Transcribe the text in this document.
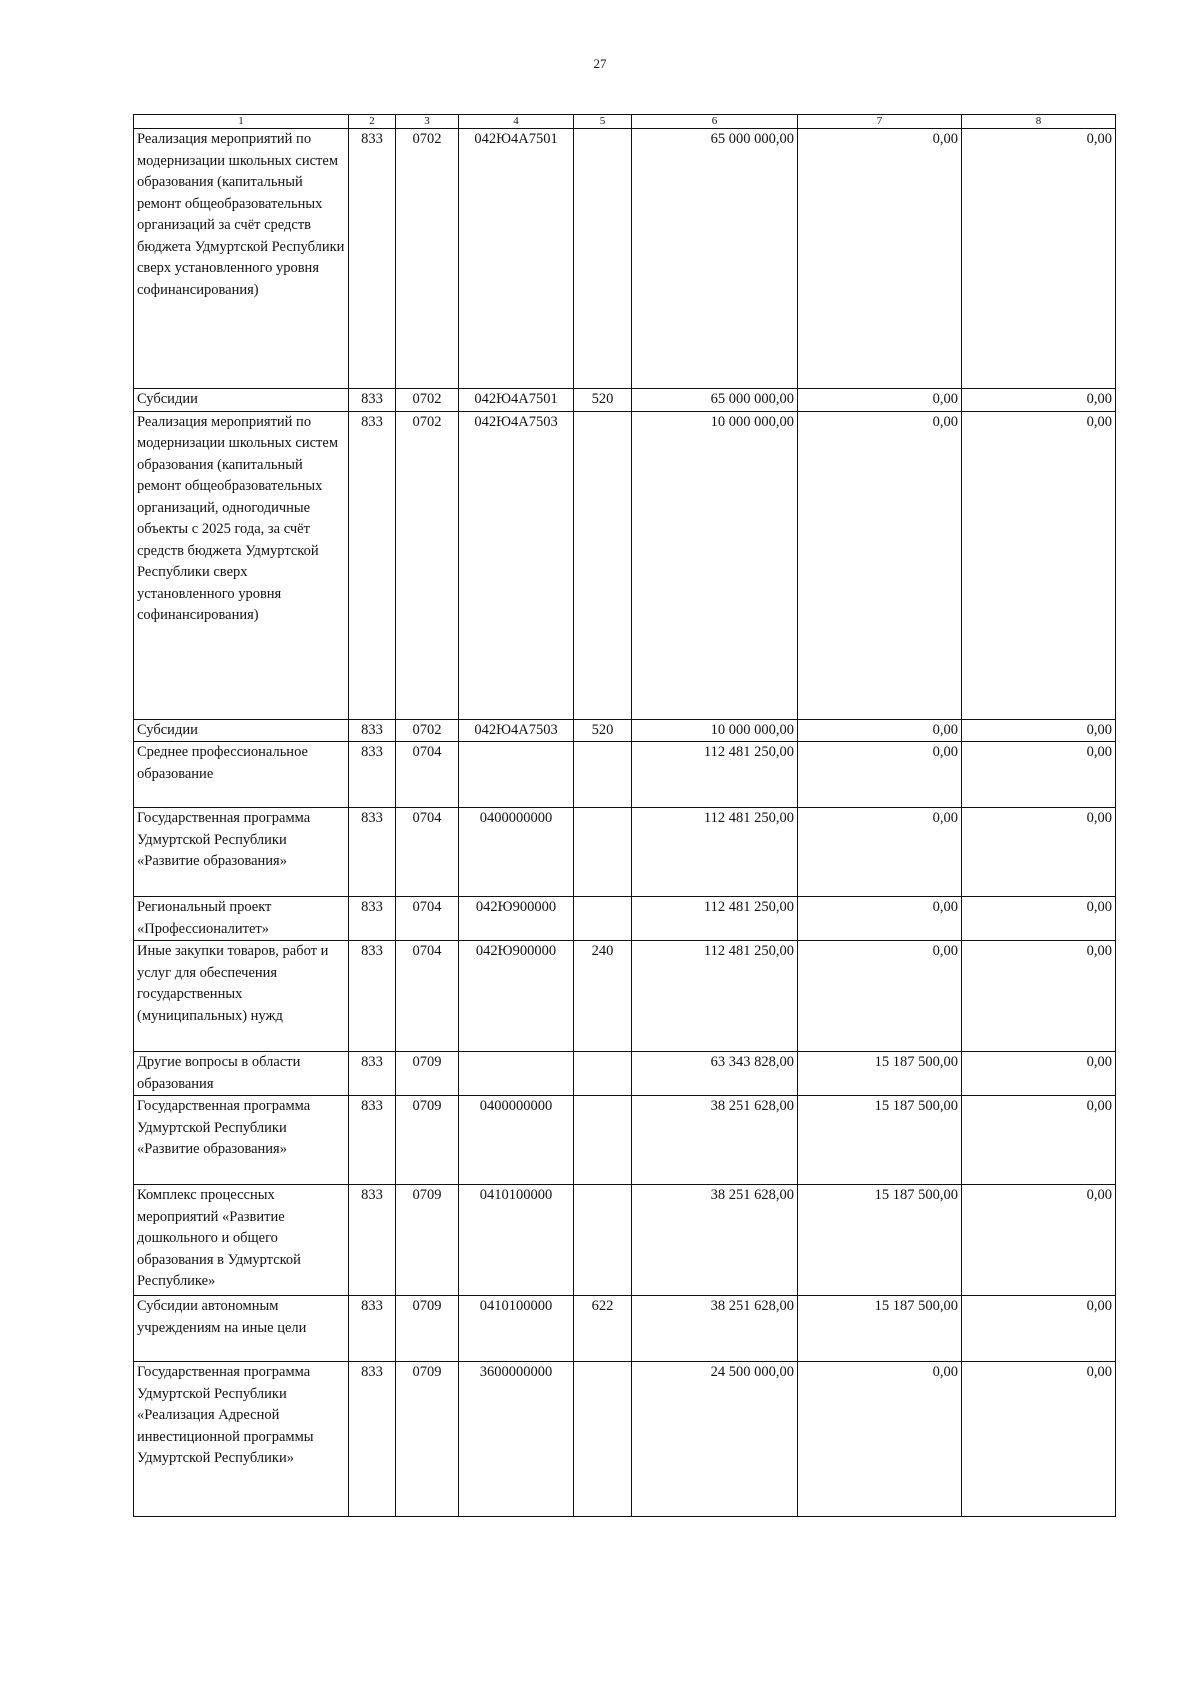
27
1	2	3	4	5	6	7	8
Реализация мероприятий по модернизации школьных систем образования (капитальный ремонт общеобразовательных организаций за счёт средств бюджета Удмуртской Республики сверх установленного уровня софинансирования)	833	0702	042Ю4А7501		65 000 000,00	0,00	0,00
Субсидии	833	0702	042Ю4А7501	520	65 000 000,00	0,00	0,00
Реализация мероприятий по модернизации школьных систем образования (капитальный ремонт общеобразовательных организаций, одногодичные объекты с 2025 года, за счёт средств бюджета Удмуртской Республики сверх установленного уровня софинансирования)	833	0702	042Ю4А7503		10 000 000,00	0,00	0,00
Субсидии	833	0702	042Ю4А7503	520	10 000 000,00	0,00	0,00
Среднее профессиональное образование	833	0704			112 481 250,00	0,00	0,00
Государственная программа Удмуртской Республики «Развитие образования»	833	0704	0400000000		112 481 250,00	0,00	0,00
Региональный проект «Профессионалитет»	833	0704	042Ю900000		112 481 250,00	0,00	0,00
Иные закупки товаров, работ и услуг для обеспечения государственных (муниципальных) нужд	833	0704	042Ю900000	240	112 481 250,00	0,00	0,00
Другие вопросы в области образования	833	0709			63 343 828,00	15 187 500,00	0,00
Государственная программа Удмуртской Республики «Развитие образования»	833	0709	0400000000		38 251 628,00	15 187 500,00	0,00
Комплекс процессных мероприятий «Развитие дошкольного и общего образования в Удмуртской Республике»	833	0709	0410100000		38 251 628,00	15 187 500,00	0,00
Субсидии автономным учреждениям на иные цели	833	0709	0410100000	622	38 251 628,00	15 187 500,00	0,00
Государственная программа Удмуртской Республики «Реализация Адресной инвестиционной программы Удмуртской Республики»	833	0709	3600000000		24 500 000,00	0,00	0,00
